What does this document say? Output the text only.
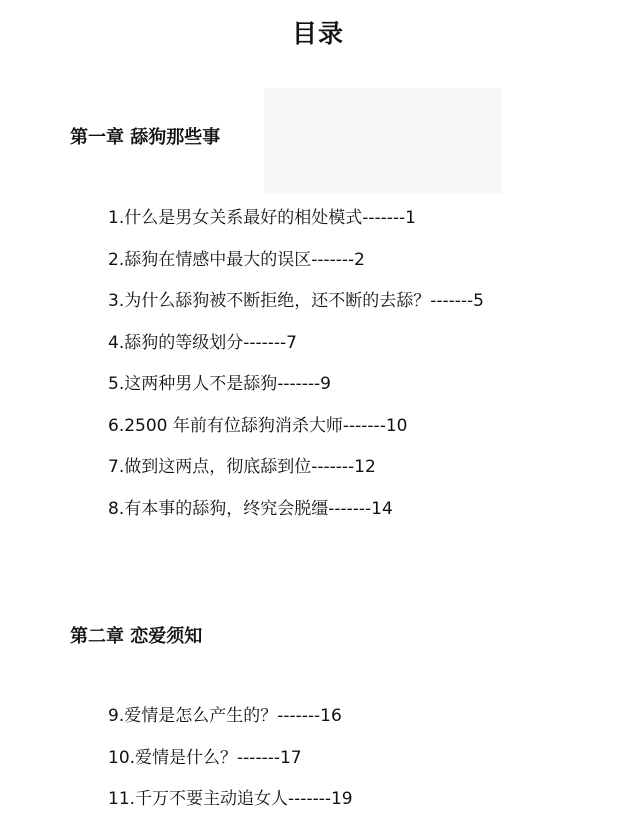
目录
第一章 舔狗那些事
1.什么是男女关系最好的相处模式-------1
2.舔狗在情感中最大的误区-------2
3.为什么舔狗被不断拒绝，还不断的去舔？-------5
4.舔狗的等级划分-------7
5.这两种男人不是舔狗-------9
6.2500 年前有位舔狗消杀大师-------10
7.做到这两点，彻底舔到位-------12
8.有本事的舔狗，终究会脱缰-------14
第二章 恋爱须知
9.爱情是怎么产生的？-------16
10.爱情是什么？-------17
11.千万不要主动追女人-------19
